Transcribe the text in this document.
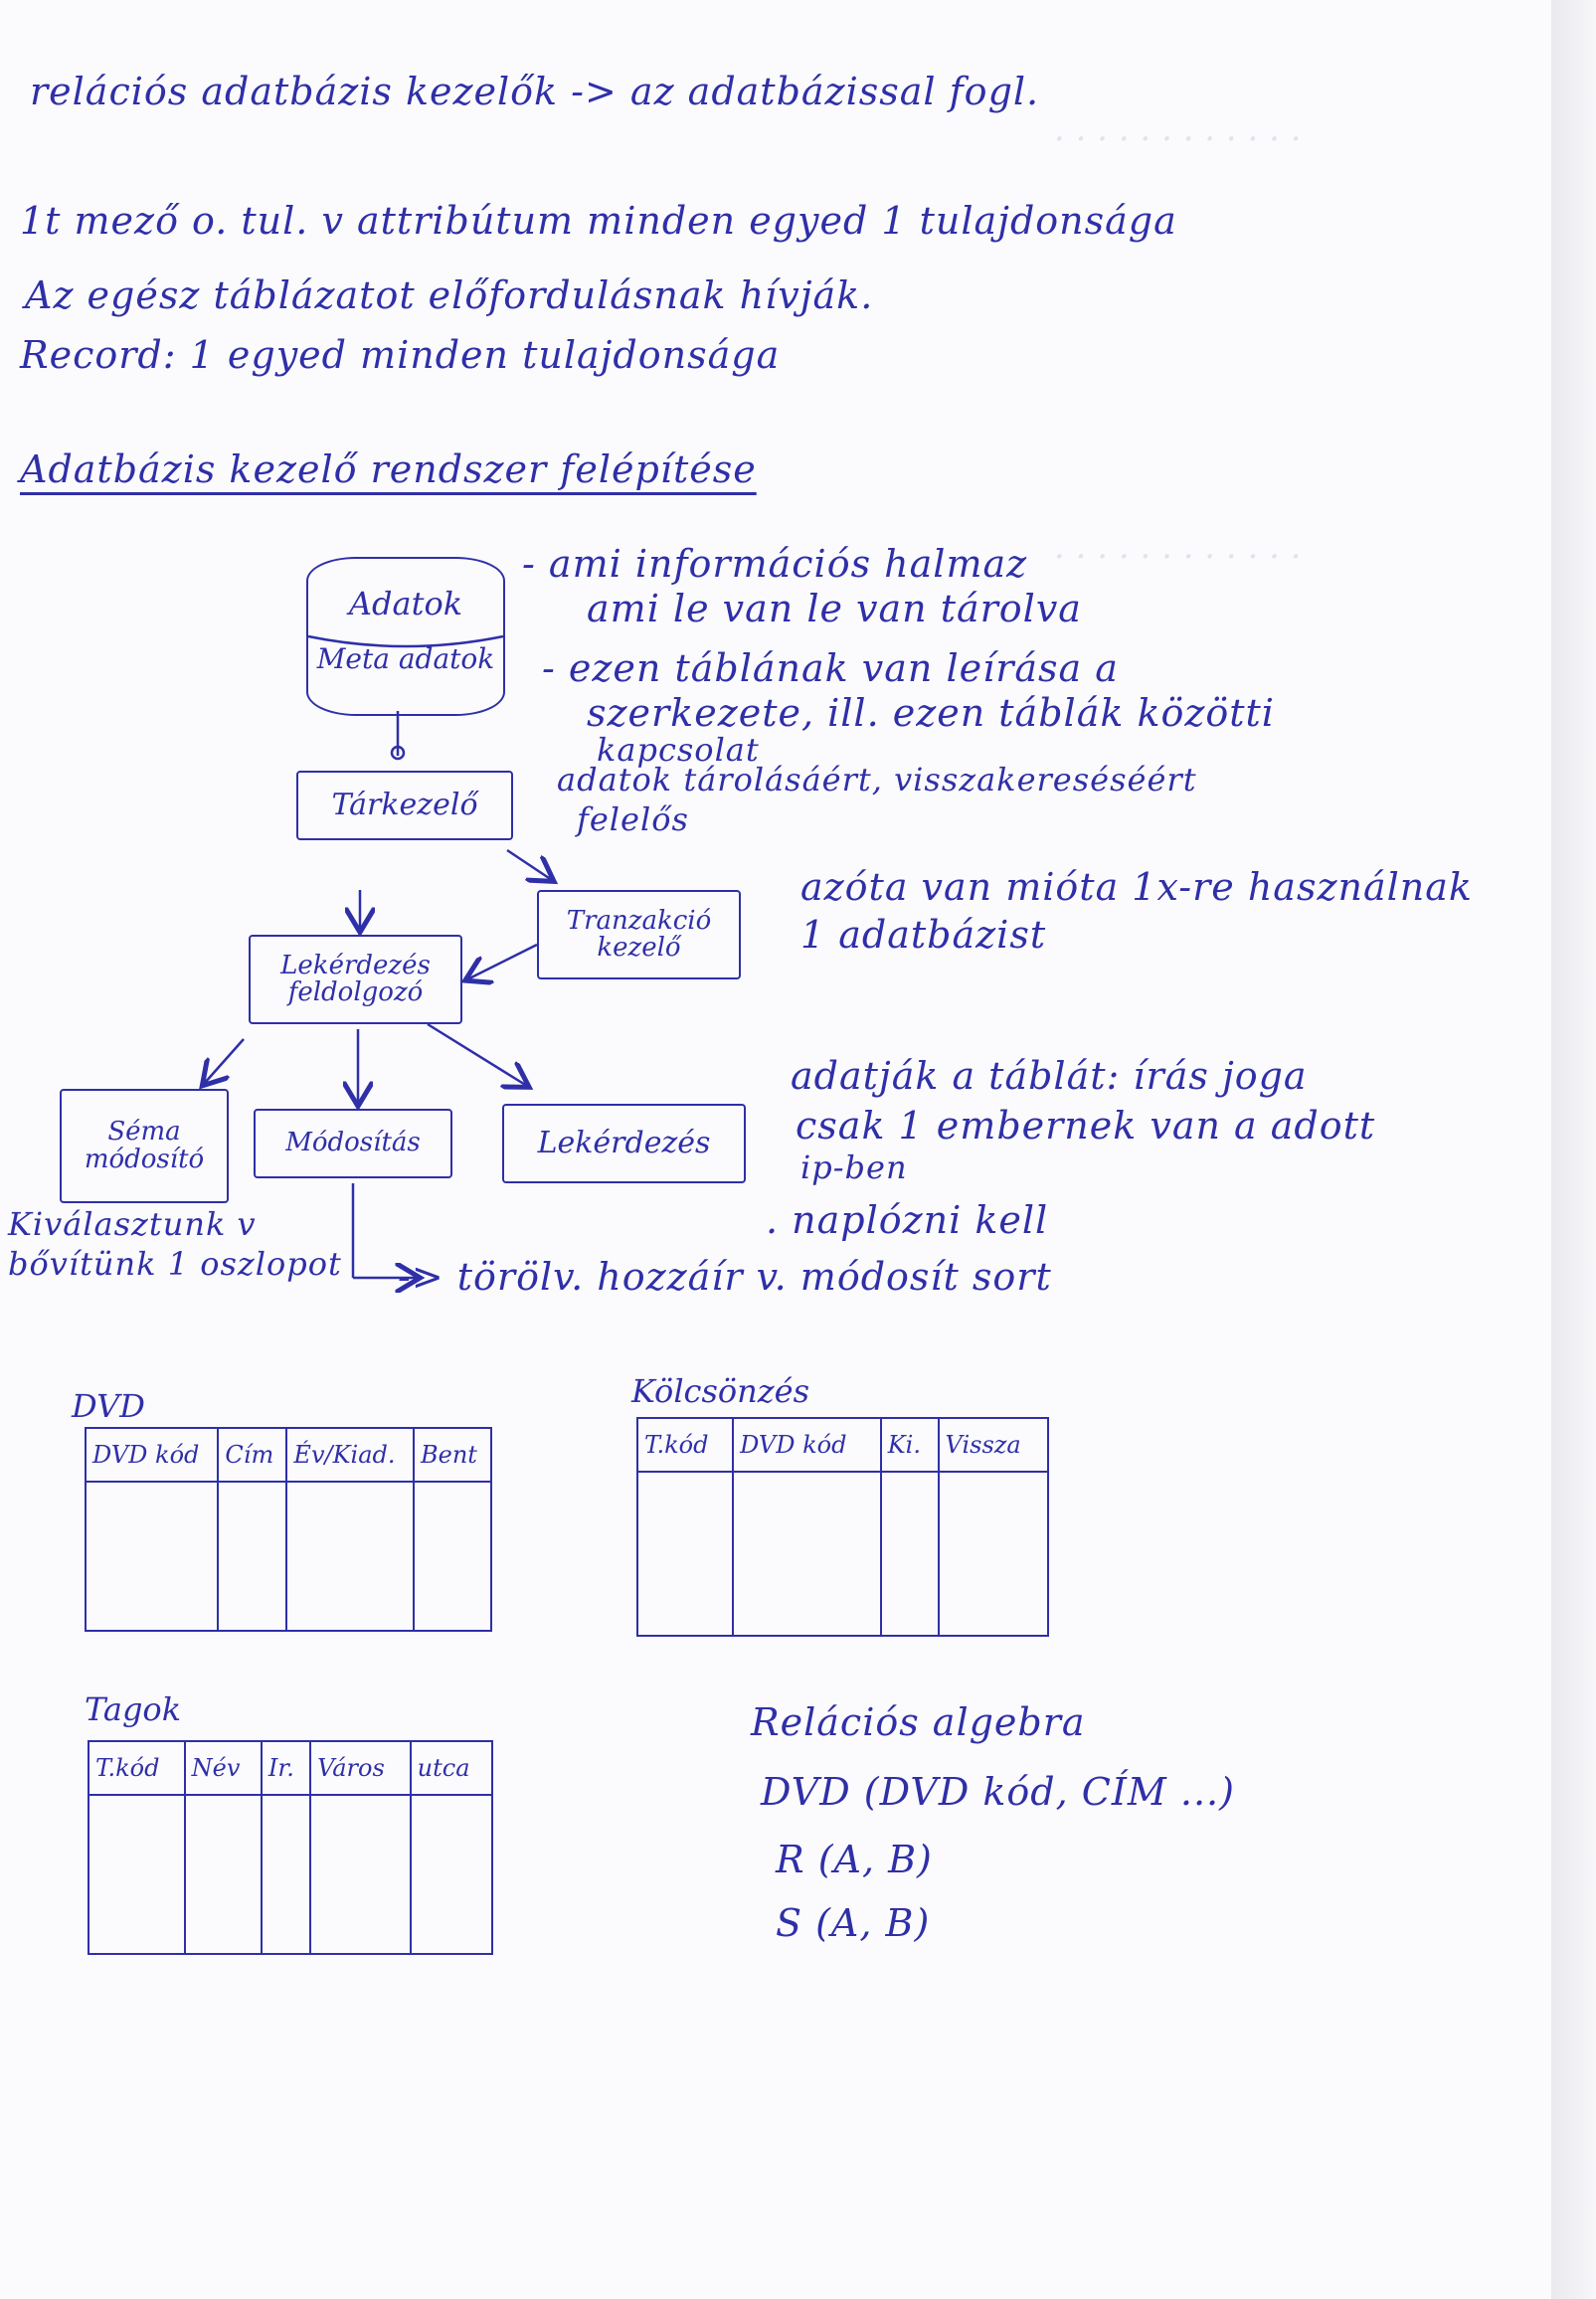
· · · · · · · · · · · ·
· · · · · · · · · · · ·
relációs adatbázis kezelők -> az adatbázissal fogl.
1t mező o. tul. v attribútum minden egyed 1 tulajdonsága
Az egész táblázatot előfordulásnak hívják.
Record: 1 egyed minden tulajdonsága
Adatbázis kezelő rendszer felépítése
Adatok
Meta adatok
Tárkezelő
Tranzakció kezelő
Lekérdezés feldolgozó
Séma módosító
Módosítás	Lekérdezés
Kiválasztunk v
bővítünk 1 oszlopot
- ami információs halmaz
ami le van le van tárolva
- ezen táblának van leírása a
szerkezete, ill. ezen táblák közötti
kapcsolat
adatok tárolásáért, visszakereséséért
felelős
azóta van mióta 1x-re használnak
1 adatbázist
adatják a táblát: írás joga
csak 1 embernek van a adott
ip-ben
. naplózni kell
-> törölv. hozzáír v. módosít sort
DVD
DVD kód	Cím	Év/Kiad.	Bent

Kölcsönzés
T.kód	DVD kód	Ki.	Vissza

Tagok
T.kód	Név	Ir.	Város	utca

Relációs algebra
DVD (DVD kód, CÍM ...)
R (A, B)
S (A, B)
